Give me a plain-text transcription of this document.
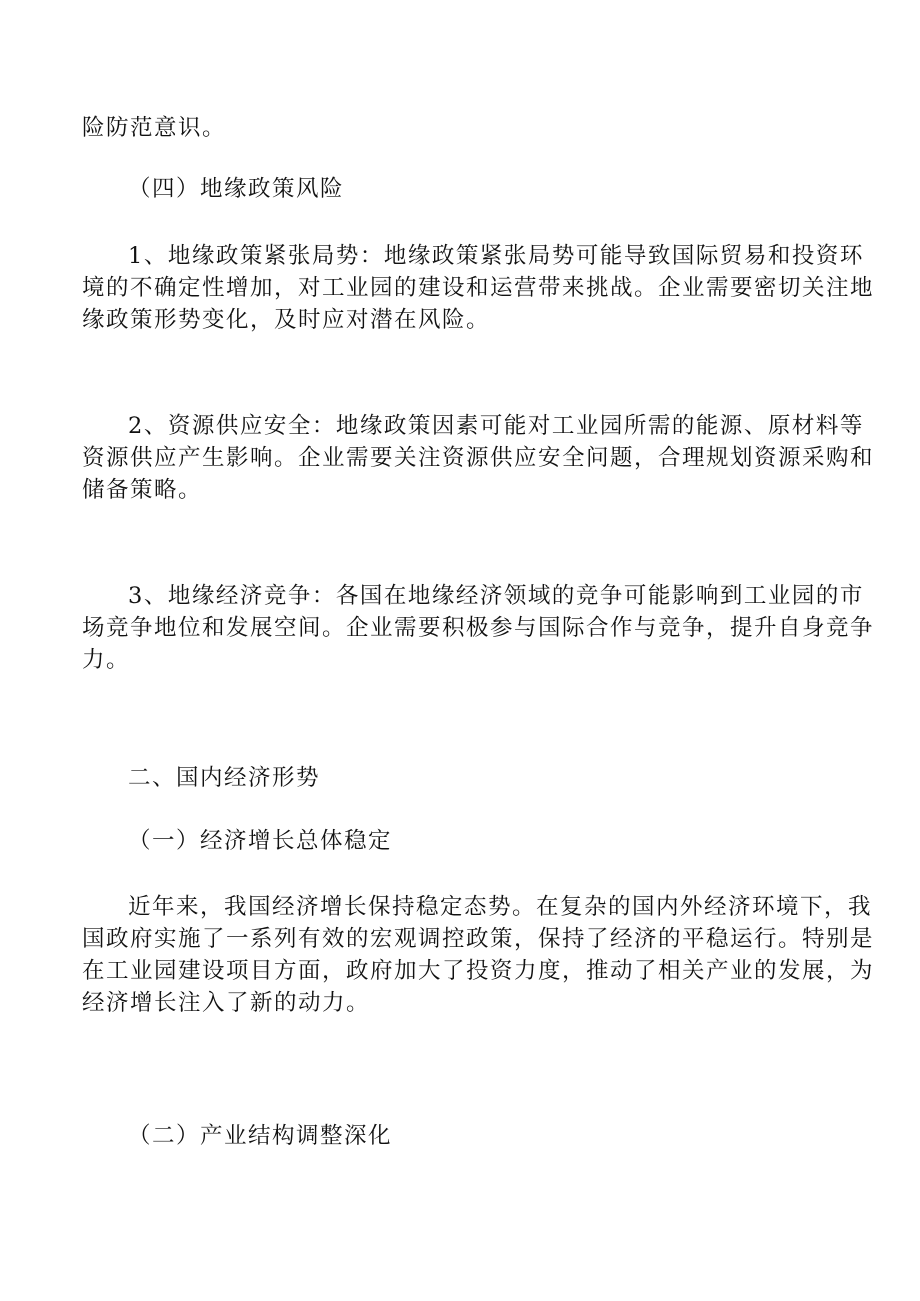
险防范意识。
（四）地缘政策风险
1、地缘政策紧张局势：地缘政策紧张局势可能导致国际贸易和投资环
境的不确定性增加，对工业园的建设和运营带来挑战。企业需要密切关注地
缘政策形势变化，及时应对潜在风险。
2、资源供应安全：地缘政策因素可能对工业园所需的能源、原材料等
资源供应产生影响。企业需要关注资源供应安全问题，合理规划资源采购和
储备策略。
3、地缘经济竞争：各国在地缘经济领域的竞争可能影响到工业园的市
场竞争地位和发展空间。企业需要积极参与国际合作与竞争，提升自身竞争
力。
二、国内经济形势
（一）经济增长总体稳定
近年来，我国经济增长保持稳定态势。在复杂的国内外经济环境下，我
国政府实施了一系列有效的宏观调控政策，保持了经济的平稳运行。特别是
在工业园建设项目方面，政府加大了投资力度，推动了相关产业的发展，为
经济增长注入了新的动力。
（二）产业结构调整深化
